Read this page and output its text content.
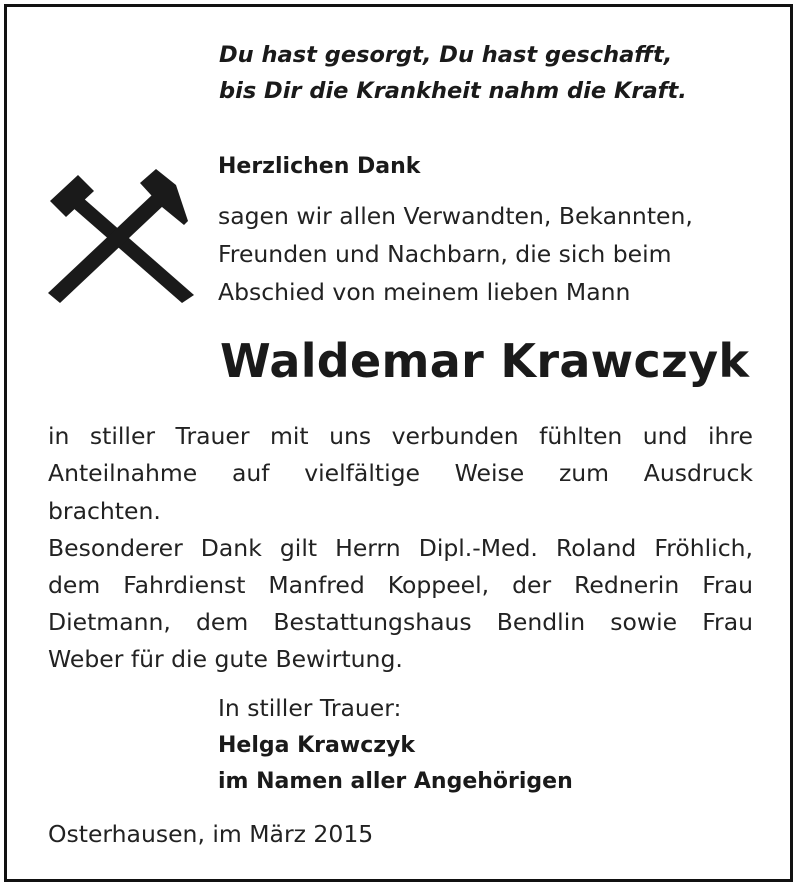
Du hast gesorgt, Du hast geschafft,

bis Dir die Krankheit nahm die Kraft.

Herzlichen Dank

sagen wir allen Verwandten, Bekannten,

Freunden und Nachbarn, die sich beim

Abschied von meinem lieben Mann

Waldemar Krawczyk

in stiller Trauer mit uns verbunden fühlten und ihre

Anteilnahme auf vielfältige Weise zum Ausdruck

brachten.

Besonderer Dank gilt Herrn Dipl.-Med. Roland Fröhlich,

dem Fahrdienst Manfred Koppeel, der Rednerin Frau

Dietmann, dem Bestattungshaus Bendlin sowie Frau

Weber für die gute Bewirtung.

In stiller Trauer:

Helga Krawczyk

im Namen aller Angehörigen

Osterhausen, im März 2015
